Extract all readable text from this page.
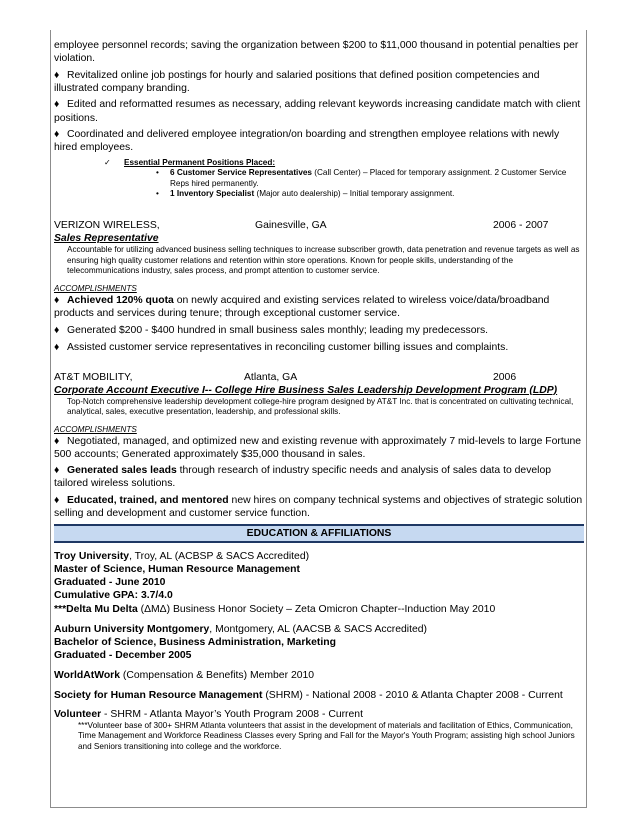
employee personnel records; saving the organization between $200 to $11,000 thousand in potential penalties per violation.

♦ Revitalized online job postings for hourly and salaried positions that defined position competencies and illustrated company branding.

♦ Edited and reformatted resumes as necessary, adding relevant keywords increasing candidate match with client positions.

♦ Coordinated and delivered employee integration/on boarding and strengthen employee relations with newly hired employees.

✓ Essential Permanent Positions Placed:

• 6 Customer Service Representatives (Call Center) – Placed for temporary assignment. 2 Customer Service Reps hired permanently.

• 1 Inventory Specialist (Major auto dealership) – Initial temporary assignment.

VERIZON WIRELESS,	Gainesville, GA	2006 - 2007

Sales Representative

Accountable for utilizing advanced business selling techniques to increase subscriber growth, data penetration and revenue targets as well as ensuring high quality customer relations and retention within store operations. Known for people skills, understanding of the telecommunications industry, sales process, and prompt attention to customer service.

ACCOMPLISHMENTS

♦ Achieved 120% quota on newly acquired and existing services related to wireless voice/data/broadband products and services during tenure; through exceptional customer service.

♦ Generated $200 - $400 hundred in small business sales monthly; leading my predecessors.

♦ Assisted customer service representatives in reconciling customer billing issues and complaints.

AT&T MOBILITY,	Atlanta, GA	2006

Corporate Account Executive I-- College Hire Business Sales Leadership Development Program (LDP)

Top-Notch comprehensive leadership development college-hire program designed by AT&T Inc. that is concentrated on cultivating technical, analytical, sales, executive presentation, leadership, and professional skills.

ACCOMPLISHMENTS

♦ Negotiated, managed, and optimized new and existing revenue with approximately 7 mid-levels to large Fortune 500 accounts; Generated approximately $35,000 thousand in sales.

♦ Generated sales leads through research of industry specific needs and analysis of sales data to develop tailored wireless solutions.

♦ Educated, trained, and mentored new hires on company technical systems and objectives of strategic solution selling and development and customer service function.

EDUCATION & AFFILIATIONS

Troy University, Troy, AL (ACBSP & SACS Accredited)

Master of Science, Human Resource Management

Graduated - June 2010

Cumulative GPA: 3.7/4.0

***Delta Mu Delta (ΔΜΔ) Business Honor Society – Zeta Omicron Chapter--Induction May 2010

Auburn University Montgomery, Montgomery, AL (AACSB & SACS Accredited)

Bachelor of Science, Business Administration, Marketing

Graduated - December 2005

WorldAtWork (Compensation & Benefits) Member 2010

Society for Human Resource Management (SHRM) - National 2008 - 2010 & Atlanta Chapter 2008 - Current

Volunteer - SHRM - Atlanta Mayor’s Youth Program 2008 - Current

***Volunteer base of 300+ SHRM Atlanta volunteers that assist in the development of materials and facilitation of Ethics, Communication, Time Management and Workforce Readiness Classes every Spring and Fall for the Mayor's Youth Program; assisting high school Juniors and Seniors transitioning into college and the workforce.
